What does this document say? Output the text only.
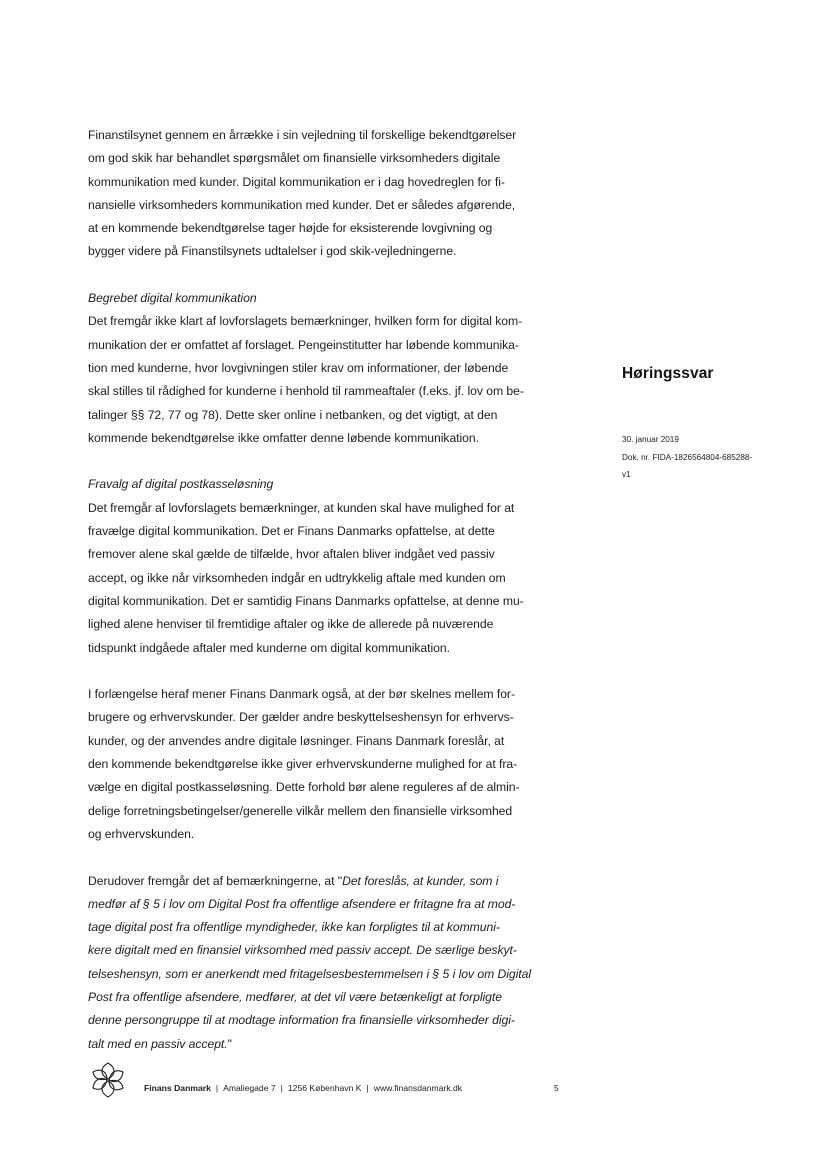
Finanstilsynet gennem en årrække i sin vejledning til forskellige bekendtgørelser
om god skik har behandlet spørgsmålet om finansielle virksomheders digitale
kommunikation med kunder. Digital kommunikation er i dag hovedreglen for fi-
nansielle virksomheders kommunikation med kunder. Det er således afgørende,
at en kommende bekendtgørelse tager højde for eksisterende lovgivning og
bygger videre på Finanstilsynets udtalelser i god skik-vejledningerne.

Begrebet digital kommunikation

Det fremgår ikke klart af lovforslagets bemærkninger, hvilken form for digital kom-
munikation der er omfattet af forslaget. Pengeinstitutter har løbende kommunika-
tion med kunderne, hvor lovgivningen stiler krav om informationer, der løbende
skal stilles til rådighed for kunderne i henhold til rammeaftaler (f.eks. jf. lov om be-
talinger §§ 72, 77 og 78). Dette sker online i netbanken, og det vigtigt, at den
kommende bekendtgørelse ikke omfatter denne løbende kommunikation.

Fravalg af digital postkasseløsning

Det fremgår af lovforslagets bemærkninger, at kunden skal have mulighed for at
fravælge digital kommunikation. Det er Finans Danmarks opfattelse, at dette
fremover alene skal gælde de tilfælde, hvor aftalen bliver indgået ved passiv
accept, og ikke når virksomheden indgår en udtrykkelig aftale med kunden om
digital kommunikation. Det er samtidig Finans Danmarks opfattelse, at denne mu-
lighed alene henviser til fremtidige aftaler og ikke de allerede på nuværende
tidspunkt indgåede aftaler med kunderne om digital kommunikation.

I forlængelse heraf mener Finans Danmark også, at der bør skelnes mellem for-
brugere og erhvervskunder. Der gælder andre beskyttelseshensyn for erhvervs-
kunder, og der anvendes andre digitale løsninger. Finans Danmark foreslår, at
den kommende bekendtgørelse ikke giver erhvervskunderne mulighed for at fra-
vælge en digital postkasseløsning. Dette forhold bør alene reguleres af de almin-
delige forretningsbetingelser/generelle vilkår mellem den finansielle virksomhed
og erhvervskunden.

Derudover fremgår det af bemærkningerne, at "Det foreslås, at kunder, som i
medfør af § 5 i lov om Digital Post fra offentlige afsendere er fritagne fra at mod-
tage digital post fra offentlige myndigheder, ikke kan forpligtes til at kommuni-
kere digitalt med en finansiel virksomhed med passiv accept. De særlige beskyt-
telseshensyn, som er anerkendt med fritagelsesbestemmelsen i § 5 i lov om Digital
Post fra offentlige afsendere, medfører, at det vil være betænkeligt at forpligte
denne persongruppe til at modtage information fra finansielle virksomheder digi-
talt med en passiv accept."

Høringssvar
30. januar 2019
Dok. nr. FIDA-1826564804-685288-
v1
Finans Danmark | Amaliegade 7 | 1256 København K | www.finansdanmark.dk	5
